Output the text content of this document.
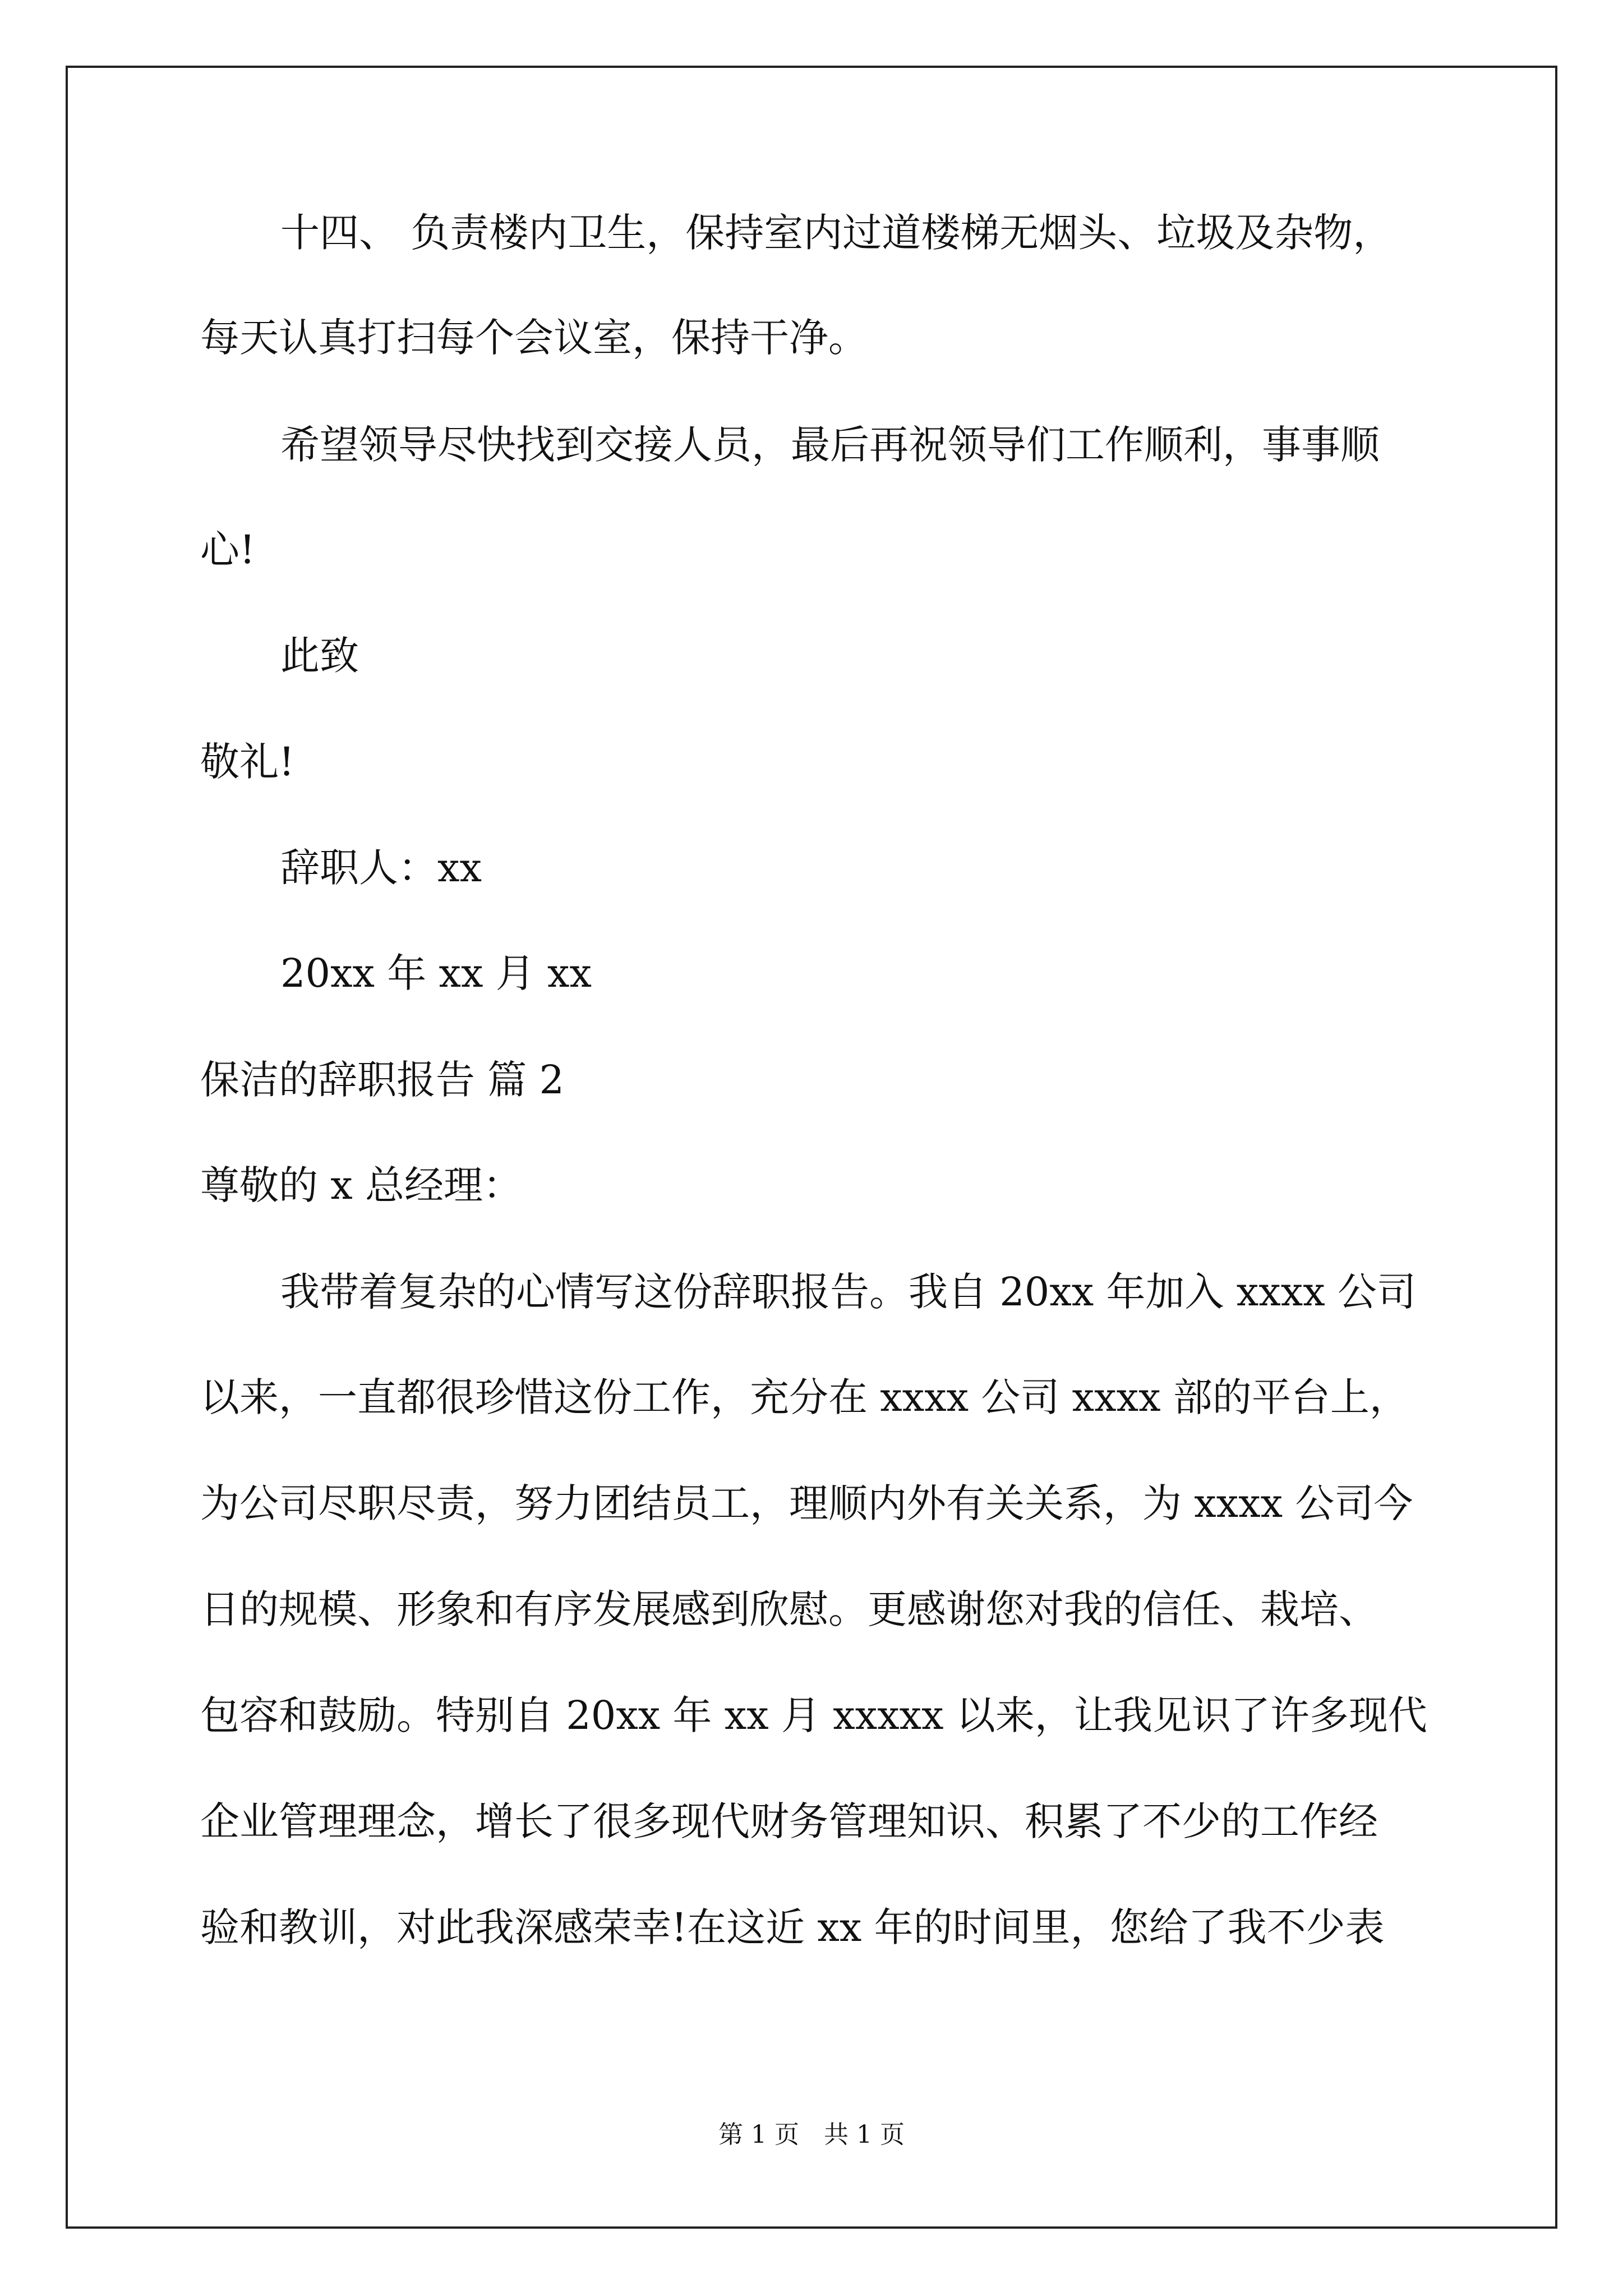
十四、 负责楼内卫生，保持室内过道楼梯无烟头、垃圾及杂物，

每天认真打扫每个会议室，保持干净。

希望领导尽快找到交接人员，最后再祝领导们工作顺利，事事顺

心!

此致

敬礼!

辞职人：xx

20xx 年 xx 月 xx

保洁的辞职报告 篇 2

尊敬的 x 总经理：

我带着复杂的心情写这份辞职报告。我自 20xx 年加入 xxxx 公司

以来，一直都很珍惜这份工作，充分在 xxxx 公司 xxxx 部的平台上，

为公司尽职尽责，努力团结员工，理顺内外有关关系，为 xxxx 公司今

日的规模、形象和有序发展感到欣慰。更感谢您对我的信任、栽培、

包容和鼓励。特别自 20xx 年 xx 月 xxxxx 以来，让我见识了许多现代

企业管理理念，增长了很多现代财务管理知识、积累了不少的工作经

验和教训，对此我深感荣幸!在这近 xx 年的时间里，您给了我不少表

第 1 页 共 1 页
